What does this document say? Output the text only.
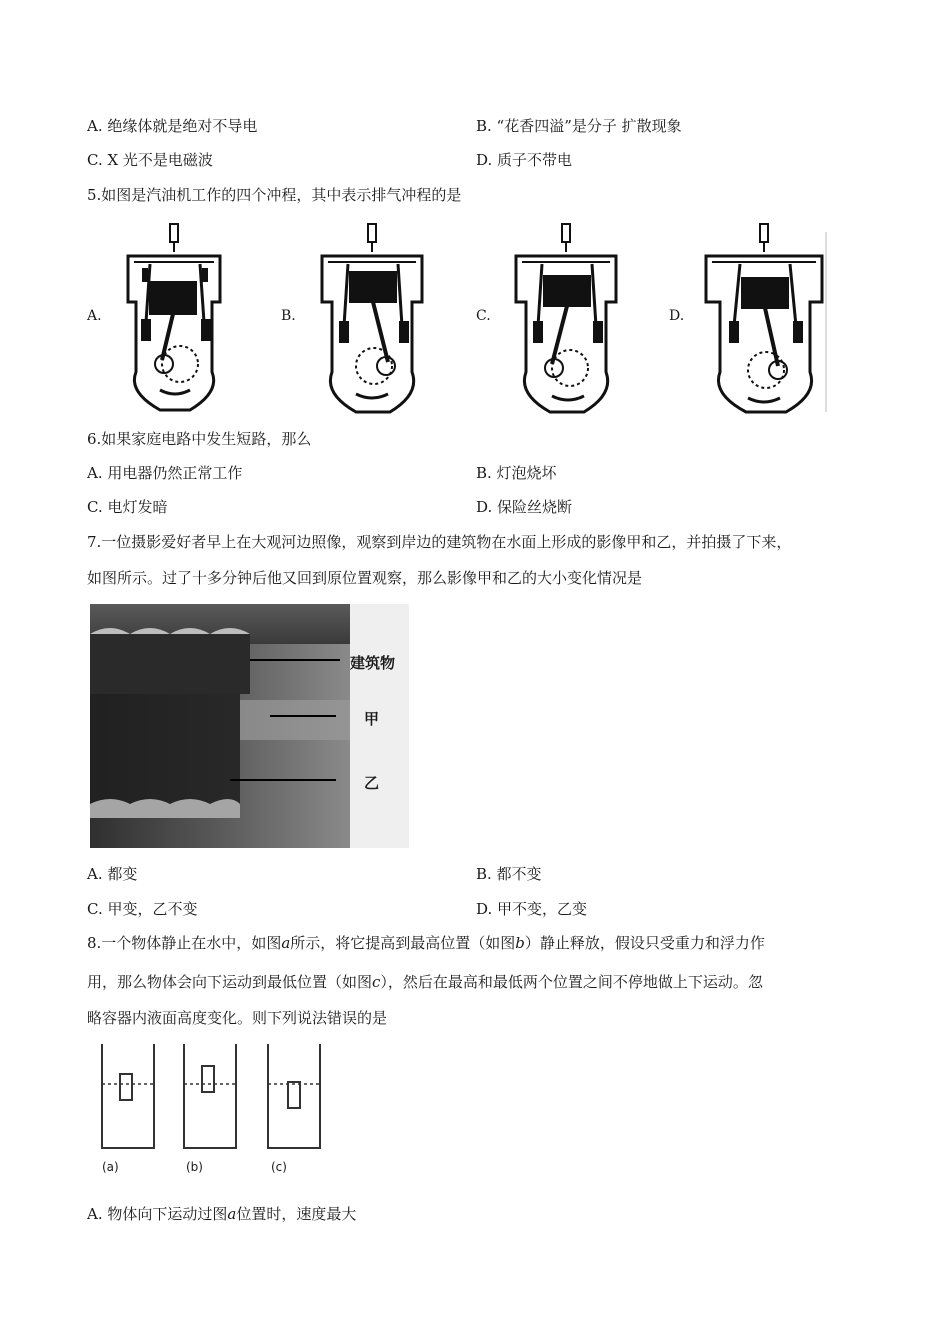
A. 绝缘体就是绝对不导电	B. “花香四溢”是分子 扩散现象
C. X 光不是电磁波	D. 质子不带电
5.如图是汽油机工作的四个冲程，其中表示排气冲程的是
A.	B.	C.	D.
6.如果家庭电路中发生短路，那么
A. 用电器仍然正常工作	B. 灯泡烧坏
C. 电灯发暗	D. 保险丝烧断
7.一位摄影爱好者早上在大观河边照像，观察到岸边的建筑物在水面上形成的影像甲和乙，并拍摄了下来，
如图所示。过了十多分钟后他又回到原位置观察，那么影像甲和乙的大小变化情况是
建筑物
甲
乙
A. 都变	B. 都不变
C. 甲变，乙不变	D. 甲不变，乙变
8.一个物体静止在水中，如图a所示，将它提高到最高位置（如图b）静止释放，假设只受重力和浮力作
用，那么物体会向下运动到最低位置（如图c），然后在最高和最低两个位置之间不停地做上下运动。忽
略容器内液面高度变化。则下列说法错误的是
(a)	(b)	(c)
A. 物体向下运动过图a位置时，速度最大
